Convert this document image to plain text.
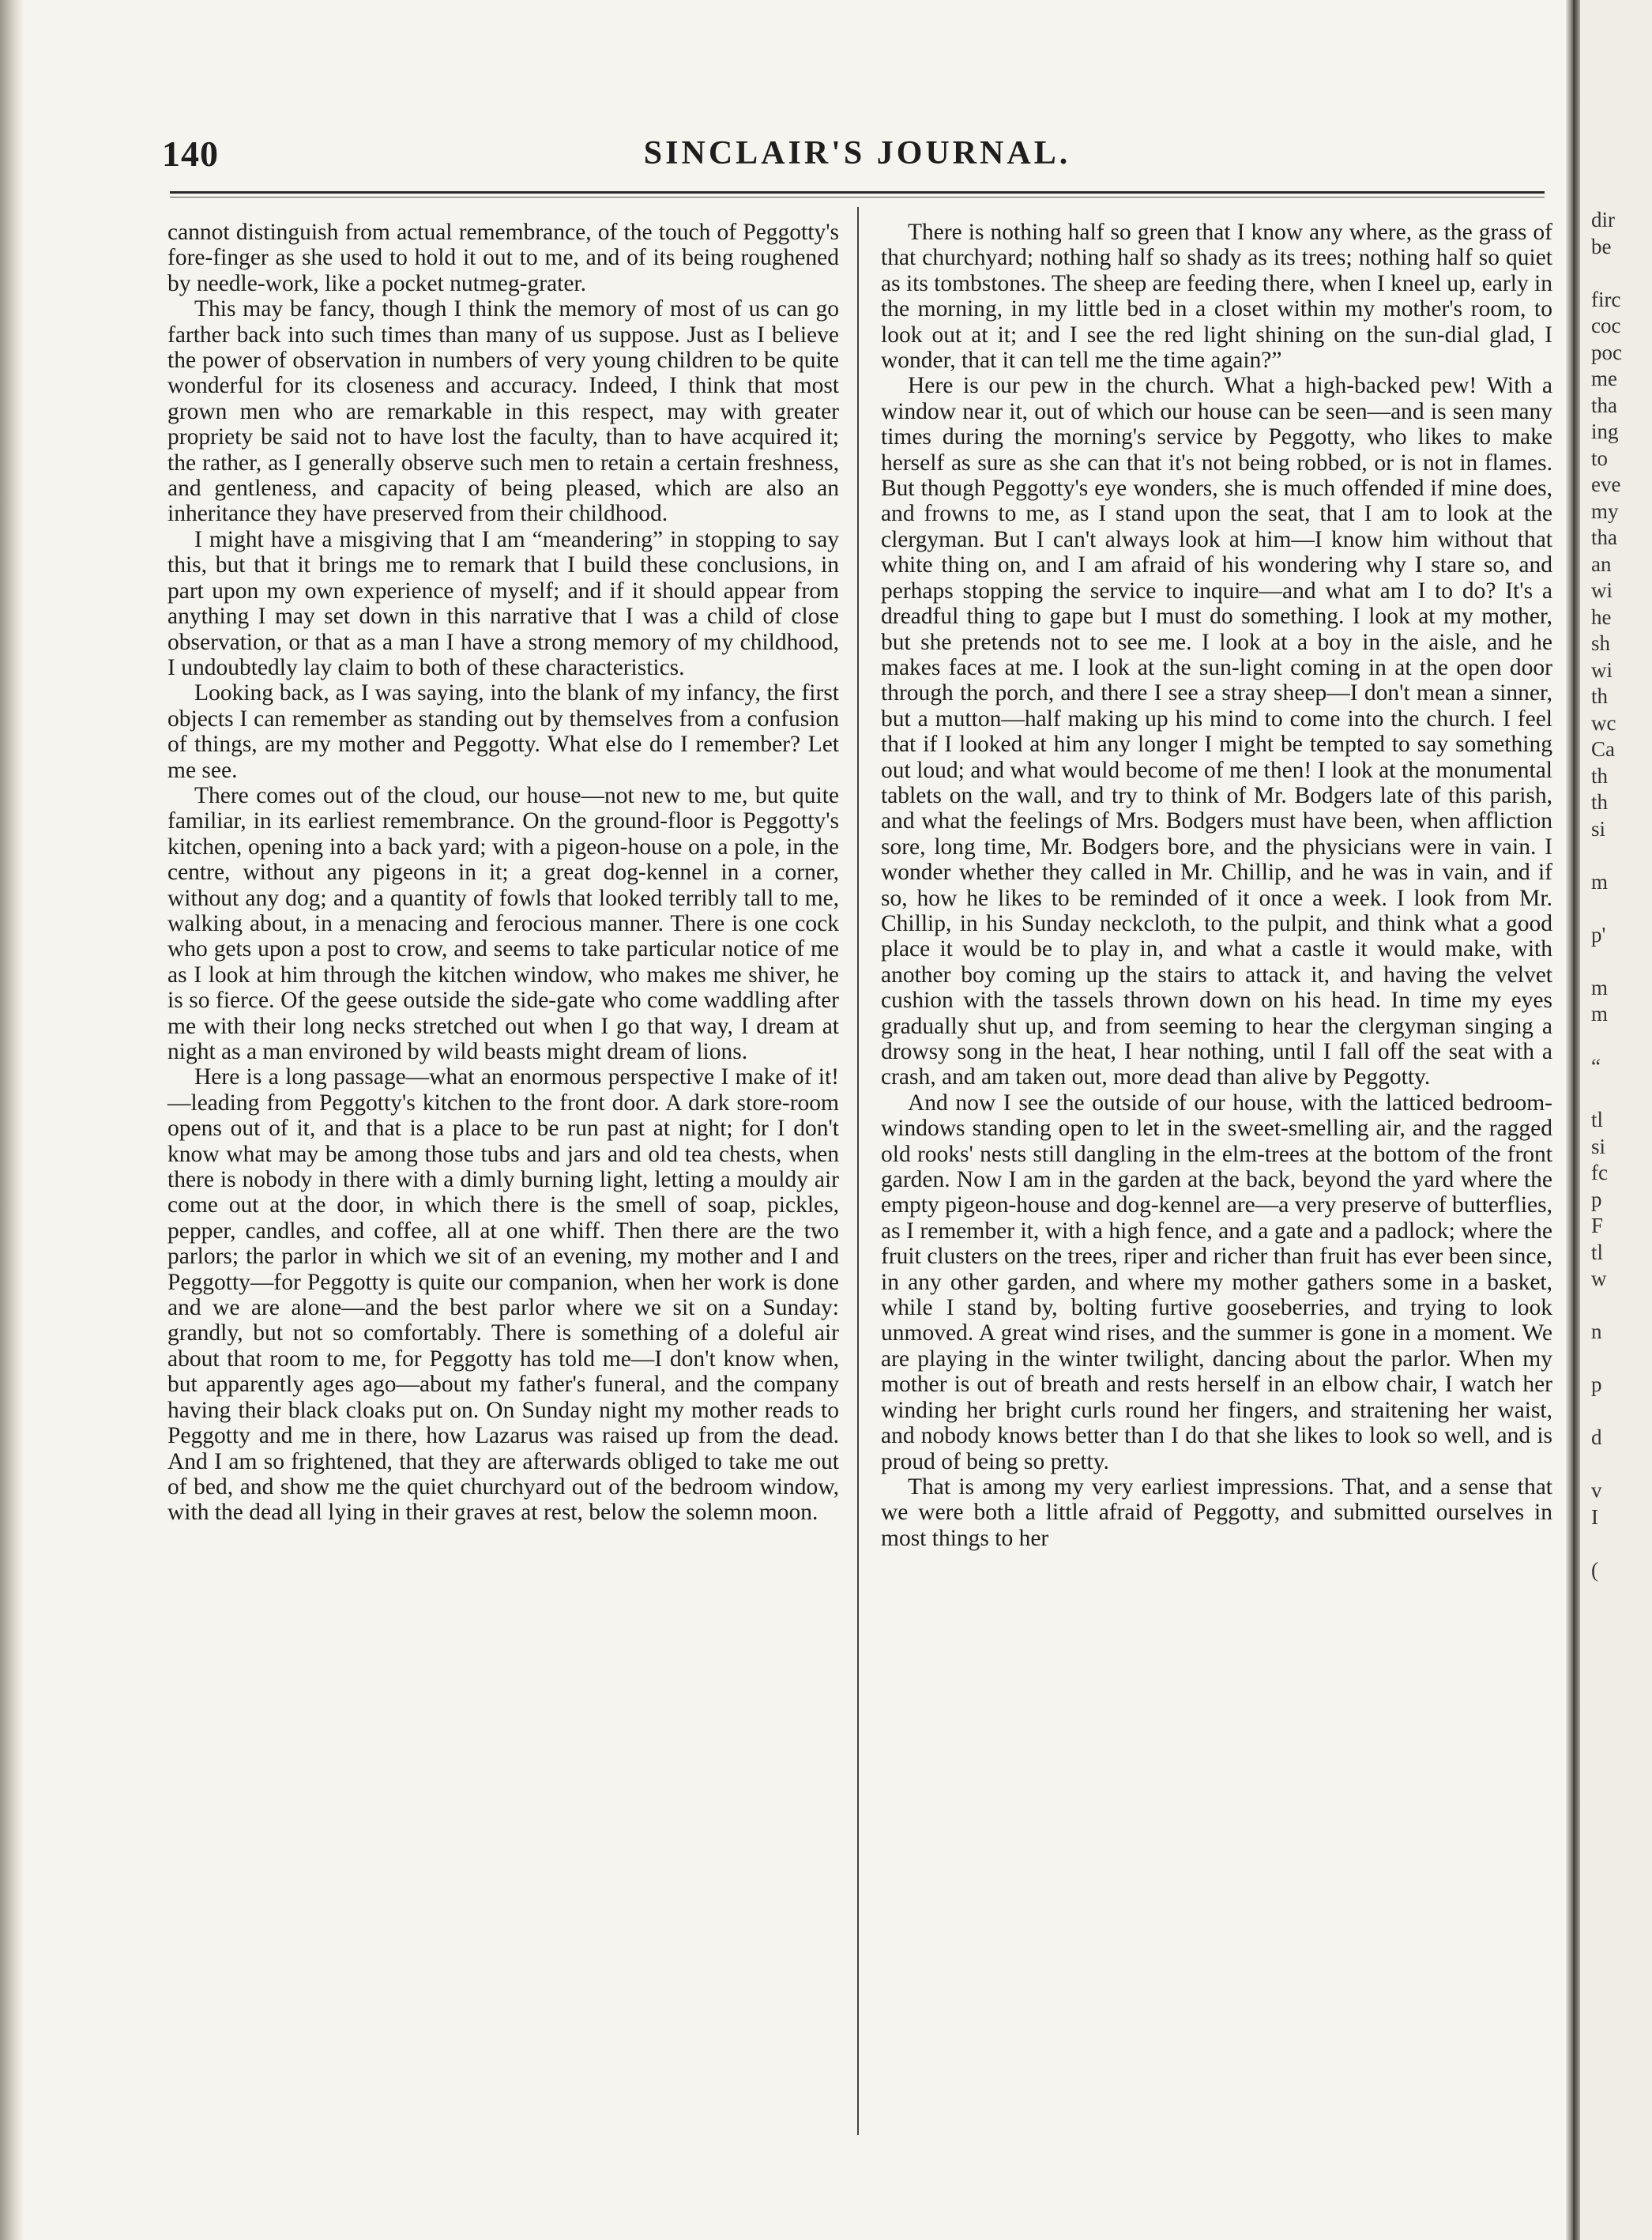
140	SINCLAIR'S JOURNAL.

cannot distinguish from actual remembrance, of the touch of Peggotty's fore-finger as she used to hold it out to me, and of its being roughened by needle-work, like a pocket nutmeg-grater.

This may be fancy, though I think the memory of most of us can go farther back into such times than many of us suppose. Just as I believe the power of observation in numbers of very young children to be quite wonderful for its closeness and accuracy. Indeed, I think that most grown men who are remarkable in this respect, may with greater propriety be said not to have lost the faculty, than to have acquired it; the rather, as I generally observe such men to retain a certain freshness, and gentleness, and capacity of being pleased, which are also an inheritance they have preserved from their childhood.

I might have a misgiving that I am “meandering” in stopping to say this, but that it brings me to remark that I build these conclusions, in part upon my own experience of myself; and if it should appear from anything I may set down in this narrative that I was a child of close observation, or that as a man I have a strong memory of my childhood, I undoubtedly lay claim to both of these characteristics.

Looking back, as I was saying, into the blank of my infancy, the first objects I can remember as standing out by themselves from a confusion of things, are my mother and Peggotty. What else do I remember? Let me see.

There comes out of the cloud, our house—not new to me, but quite familiar, in its earliest remembrance. On the ground-floor is Peggotty's kitchen, opening into a back yard; with a pigeon-house on a pole, in the centre, without any pigeons in it; a great dog-kennel in a corner, without any dog; and a quantity of fowls that looked terribly tall to me, walking about, in a menacing and ferocious manner. There is one cock who gets upon a post to crow, and seems to take particular notice of me as I look at him through the kitchen window, who makes me shiver, he is so fierce. Of the geese outside the side-gate who come waddling after me with their long necks stretched out when I go that way, I dream at night as a man environed by wild beasts might dream of lions.

Here is a long passage—what an enormous perspective I make of it!—leading from Peggotty's kitchen to the front door. A dark store-room opens out of it, and that is a place to be run past at night; for I don't know what may be among those tubs and jars and old tea chests, when there is nobody in there with a dimly burning light, letting a mouldy air come out at the door, in which there is the smell of soap, pickles, pepper, candles, and coffee, all at one whiff. Then there are the two parlors; the parlor in which we sit of an evening, my mother and I and Peggotty—for Peggotty is quite our companion, when her work is done and we are alone—and the best parlor where we sit on a Sunday: grandly, but not so comfortably. There is something of a doleful air about that room to me, for Peggotty has told me—I don't know when, but apparently ages ago—about my father's funeral, and the company having their black cloaks put on. On Sunday night my mother reads to Peggotty and me in there, how Lazarus was raised up from the dead. And I am so frightened, that they are afterwards obliged to take me out of bed, and show me the quiet churchyard out of the bedroom window, with the dead all lying in their graves at rest, below the solemn moon.

There is nothing half so green that I know any where, as the grass of that churchyard; nothing half so shady as its trees; nothing half so quiet as its tombstones. The sheep are feeding there, when I kneel up, early in the morning, in my little bed in a closet within my mother's room, to look out at it; and I see the red light shining on the sun-dial glad, I wonder, that it can tell me the time again?”

Here is our pew in the church. What a high-backed pew! With a window near it, out of which our house can be seen—and is seen many times during the morning's service by Peggotty, who likes to make herself as sure as she can that it's not being robbed, or is not in flames. But though Peggotty's eye wonders, she is much offended if mine does, and frowns to me, as I stand upon the seat, that I am to look at the clergyman. But I can't always look at him—I know him without that white thing on, and I am afraid of his wondering why I stare so, and perhaps stopping the service to inquire—and what am I to do? It's a dreadful thing to gape but I must do something. I look at my mother, but she pretends not to see me. I look at a boy in the aisle, and he makes faces at me. I look at the sun-light coming in at the open door through the porch, and there I see a stray sheep—I don't mean a sinner, but a mutton—half making up his mind to come into the church. I feel that if I looked at him any longer I might be tempted to say something out loud; and what would become of me then! I look at the monumental tablets on the wall, and try to think of Mr. Bodgers late of this parish, and what the feelings of Mrs. Bodgers must have been, when affliction sore, long time, Mr. Bodgers bore, and the physicians were in vain. I wonder whether they called in Mr. Chillip, and he was in vain, and if so, how he likes to be reminded of it once a week. I look from Mr. Chillip, in his Sunday neckcloth, to the pulpit, and think what a good place it would be to play in, and what a castle it would make, with another boy coming up the stairs to attack it, and having the velvet cushion with the tassels thrown down on his head. In time my eyes gradually shut up, and from seeming to hear the clergyman singing a drowsy song in the heat, I hear nothing, until I fall off the seat with a crash, and am taken out, more dead than alive by Peggotty.

And now I see the outside of our house, with the latticed bedroom-windows standing open to let in the sweet-smelling air, and the ragged old rooks' nests still dangling in the elm-trees at the bottom of the front garden. Now I am in the garden at the back, beyond the yard where the empty pigeon-house and dog-kennel are—a very preserve of butterflies, as I remember it, with a high fence, and a gate and a padlock; where the fruit clusters on the trees, riper and richer than fruit has ever been since, in any other garden, and where my mother gathers some in a basket, while I stand by, bolting furtive gooseberries, and trying to look unmoved. A great wind rises, and the summer is gone in a moment. We are playing in the winter twilight, dancing about the parlor. When my mother is out of breath and rests herself in an elbow chair, I watch her winding her bright curls round her fingers, and straitening her waist, and nobody knows better than I do that she likes to look so well, and is proud of being so pretty.

That is among my very earliest impressions. That, and a sense that we were both a little afraid of Peggotty, and submitted ourselves in most things to her

dir
be
firc
coc
poc
me
tha
ing
to
eve
my
tha
an
wi
he
sh
wi
th
wc
Ca
th
th
si
m
p'
m
m
“
tl
si
fc
p
F
tl
w
n
p
d
v
I
(
